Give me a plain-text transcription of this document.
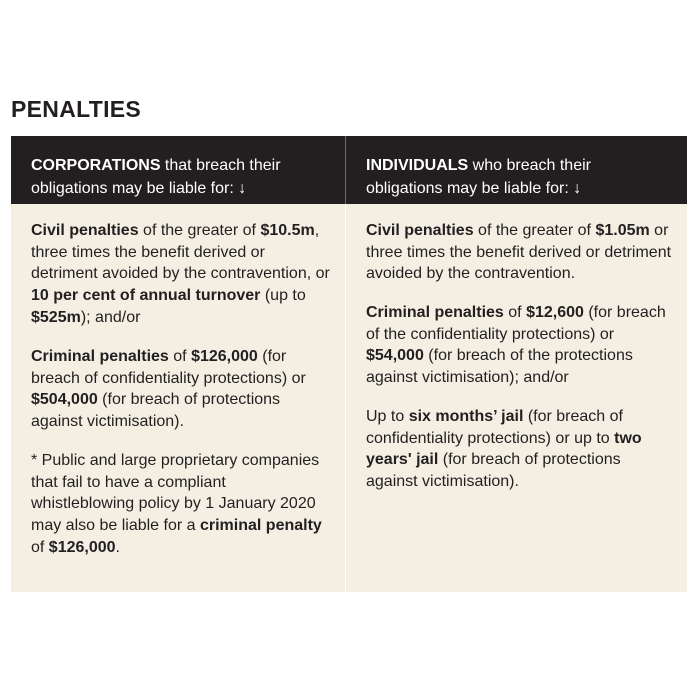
PENALTIES
CORPORATIONS that breach their obligations may be liable for: ↓
INDIVIDUALS who breach their obligations may be liable for: ↓
Civil penalties of the greater of $10.5m, three times the benefit derived or detriment avoided by the contravention, or 10 per cent of annual turnover (up to $525m); and/or
Criminal penalties of $126,000 (for breach of confidentiality protections) or $504,000 (for breach of protections against victimisation).
* Public and large proprietary companies that fail to have a compliant whistleblowing policy by 1 January 2020 may also be liable for a criminal penalty of $126,000.
Civil penalties of the greater of $1.05m or three times the benefit derived or detriment avoided by the contravention.
Criminal penalties of $12,600 (for breach of the confidentiality protections) or $54,000 (for breach of the protections against victimisation); and/or
Up to six months’ jail (for breach of confidentiality protections) or up to two years' jail (for breach of protections against victimisation).
